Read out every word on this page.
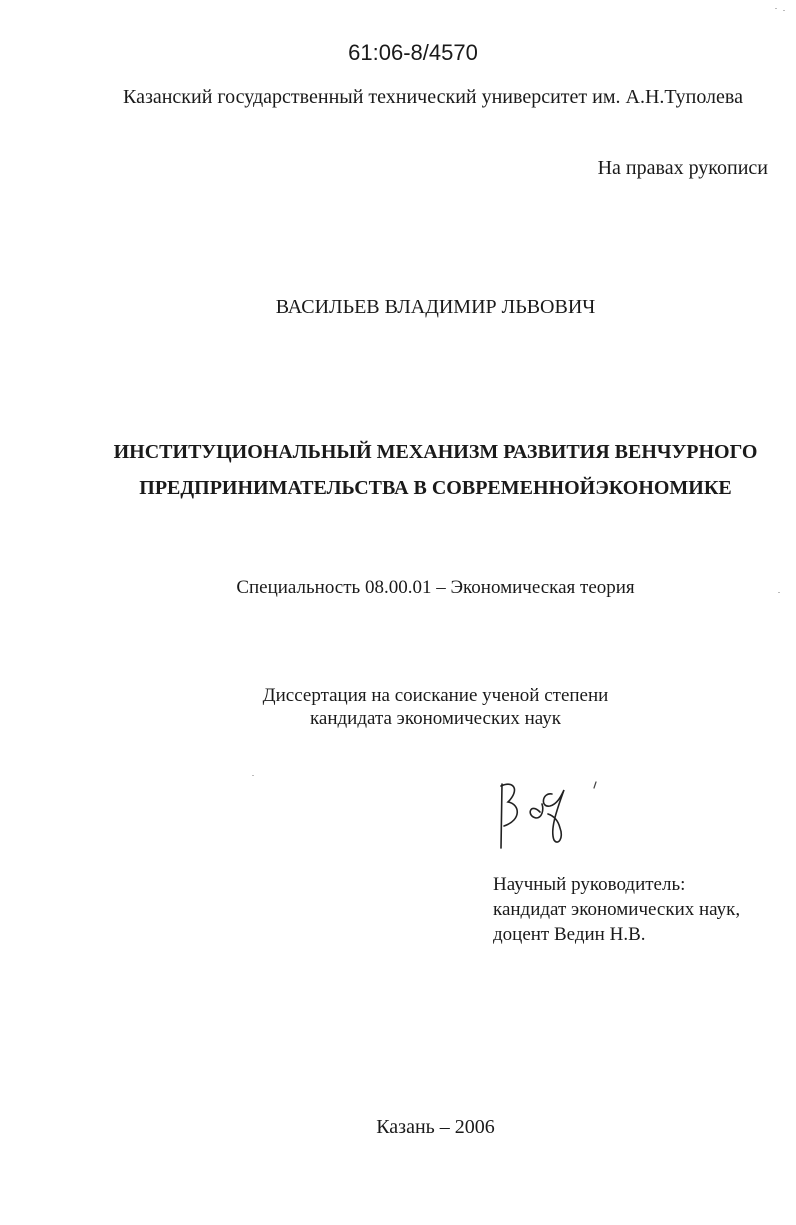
61:06-8/4570
Казанский государственный технический университет им. А.Н.Туполева
На правах рукописи
ВАСИЛЬЕВ ВЛАДИМИР ЛЬВОВИЧ
ИНСТИТУЦИОНАЛЬНЫЙ МЕХАНИЗМ РАЗВИТИЯ ВЕНЧУРНОГО
ПРЕДПРИНИМАТЕЛЬСТВА В СОВРЕМЕННОЙЭКОНОМИКЕ
Специальность 08.00.01 – Экономическая теория
Диссертация на соискание ученой степени
кандидата экономических наук
Научный руководитель:
кандидат экономических наук,
доцент Ведин Н.В.
Казань – 2006
